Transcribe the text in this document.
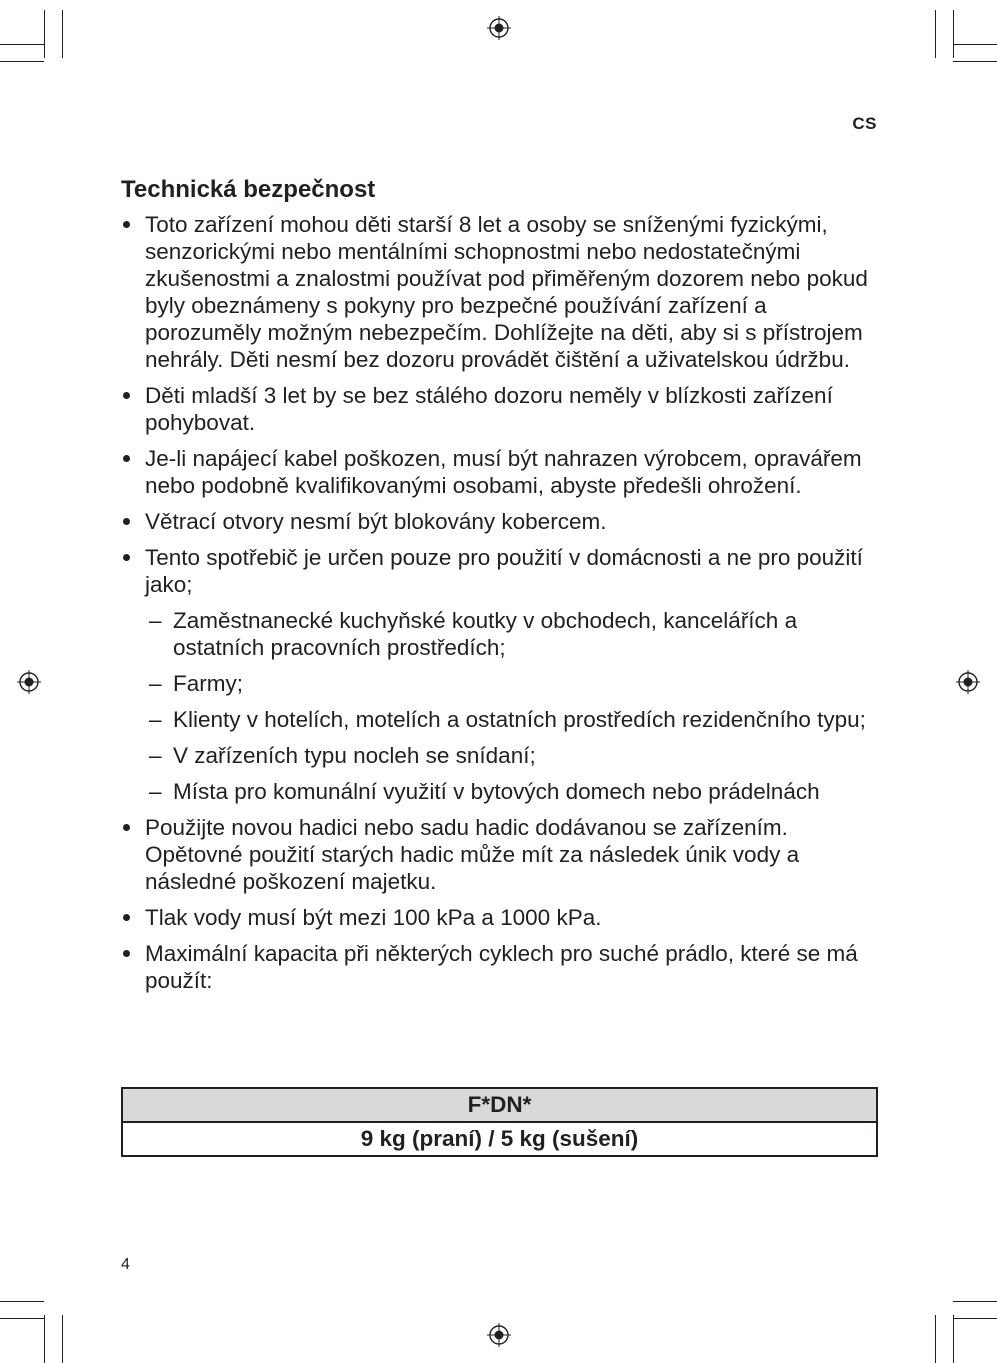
CS
Technická bezpečnost
Toto zařízení mohou děti starší 8 let a osoby se sníženými fyzickými, senzorickými nebo mentálními schopnostmi nebo nedostatečnými zkušenostmi a znalostmi používat pod přiměřeným dozorem nebo pokud byly obeznámeny s pokyny pro bezpečné používání zařízení a porozuměly možným nebezpečím. Dohlížejte na děti, aby si s přístrojem nehrály. Děti nesmí bez dozoru provádět čištění a uživatelskou údržbu.
Děti mladší 3 let by se bez stálého dozoru neměly v blízkosti zařízení pohybovat.
Je-li napájecí kabel poškozen, musí být nahrazen výrobcem, opravářem nebo podobně kvalifikovanými osobami, abyste předešli ohrožení.
Větrací otvory nesmí být blokovány kobercem.
Tento spotřebič je určen pouze pro použití v domácnosti a ne pro použití jako;
– Zaměstnanecké kuchyňské koutky v obchodech, kancelářích a ostatních pracovních prostředích;
– Farmy;
– Klienty v hotelích, motelích a ostatních prostředích rezidenčního typu;
– V zařízeních typu nocleh se snídaní;
– Místa pro komunální využití v bytových domech nebo prádelnách
Použijte novou hadici nebo sadu hadic dodávanou se zařízením. Opětovné použití starých hadic může mít za následek únik vody a následné poškození majetku.
Tlak vody musí být mezi 100 kPa a 1000 kPa.
Maximální kapacita při některých cyklech pro suché prádlo, které se má použít:
F*DN*
9 kg (praní) / 5 kg (sušení)
4
